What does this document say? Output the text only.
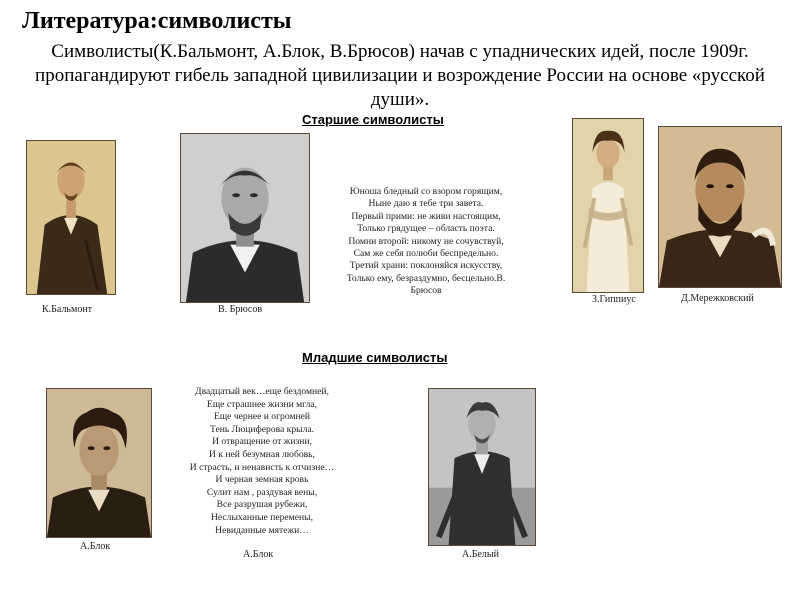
Литература:символисты

Символисты(К.Бальмонт, А.Блок, В.Брюсов) начав с упаднических идей, после 1909г. пропагандируют гибель западной цивилизации и возрождение России на основе «русской души».

Старшие символисты

К.Бальмонт	В. Брюсов

Юноша бледный со взором горящим,
Ныне даю я тебе три завета.
Первый прими: не живи настоящим,
Только грядущее – область поэта.
Помни второй: никому не сочувствуй,
Сам же себя полюби беспредельно.
Третий храни: поклоняйся искусству,
Только ему, безраздумно, бесцельно.В.
Брюсов

З.Гиппиус	Д.Мережковский

Младшие символисты

А.Блок

Двадцатый век…еще бездомней,
Еще страшнее жизни мгла,
Еще чернее и огромней
Тень Люциферова крыла.
И отвращение от жизни,
И к ней безумная любовь,
И страсть, и ненависть к отчизне…
И черная земная кровь
Сулит нам , раздувая вены,
Все разрушая рубежи,
Неслыханные перемены,
Невиданные мятежи…

А.Блок	А.Белый
